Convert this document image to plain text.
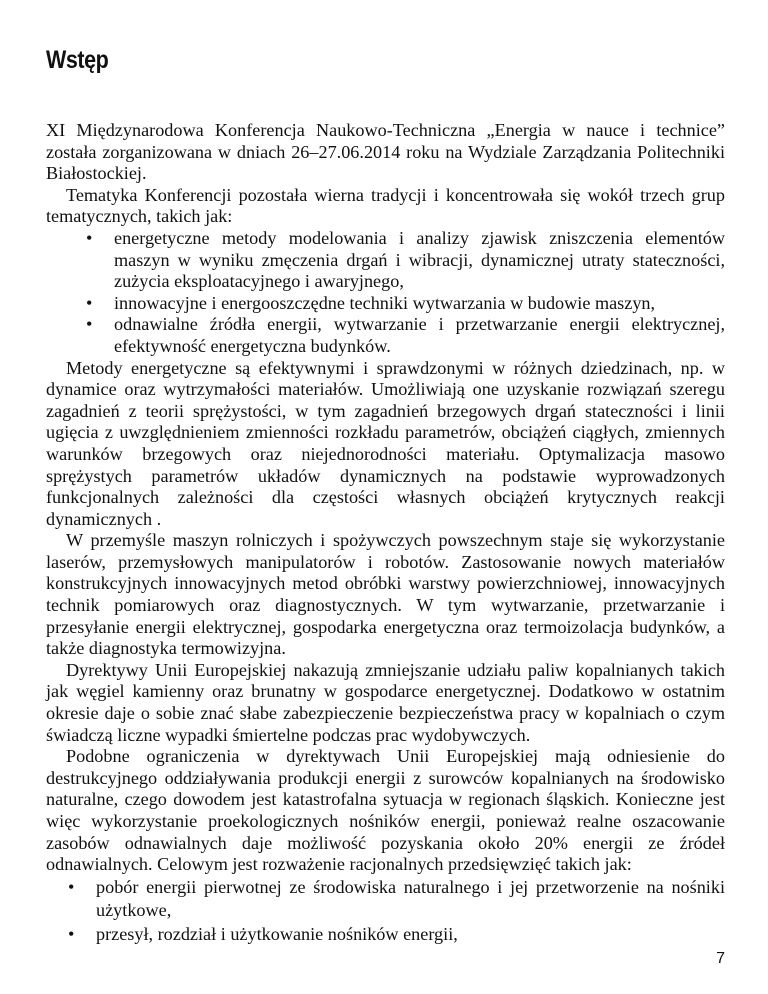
Wstęp

XI Międzynarodowa Konferencja Naukowo-Techniczna „Energia w nauce i technice” została zorganizowana w dniach 26–27.06.2014 roku na Wydziale Zarządzania Politechniki Białostockiej.

Tematyka Konferencji pozostała wierna tradycji i koncentrowała się wokół trzech grup tematycznych, takich jak:

• energetyczne metody modelowania i analizy zjawisk zniszczenia elementów maszyn w wyniku zmęczenia drgań i wibracji, dynamicznej utraty stateczności, zużycia eksploatacyjnego i awaryjnego,
• innowacyjne i energooszczędne techniki wytwarzania w budowie maszyn,
• odnawialne źródła energii, wytwarzanie i przetwarzanie energii elektrycznej, efektywność energetyczna budynków.

Metody energetyczne są efektywnymi i sprawdzonymi w różnych dziedzinach, np. w dynamice oraz wytrzymałości materiałów. Umożliwiają one uzyskanie rozwiązań szeregu zagadnień z teorii sprężystości, w tym zagadnień brzegowych drgań stateczności i linii ugięcia z uwzględnieniem zmienności rozkładu parametrów, obciążeń ciągłych, zmiennych warunków brzegowych oraz niejednorodności materiału. Optymalizacja masowo sprężystych parametrów układów dynamicznych na podstawie wyprowadzonych funkcjonalnych zależności dla częstości własnych obciążeń krytycznych reakcji dynamicznych .

W przemyśle maszyn rolniczych i spożywczych powszechnym staje się wykorzystanie laserów, przemysłowych manipulatorów i robotów. Zastosowanie nowych materiałów konstrukcyjnych innowacyjnych metod obróbki warstwy powierzchniowej, innowacyjnych technik pomiarowych oraz diagnostycznych. W tym wytwarzanie, przetwarzanie i przesyłanie energii elektrycznej, gospodarka energetyczna oraz termoizolacja budynków, a także diagnostyka termowizyjna.

Dyrektywy Unii Europejskiej nakazują zmniejszanie udziału paliw kopalnianych takich jak węgiel kamienny oraz brunatny w gospodarce energetycznej. Dodatkowo w ostatnim okresie daje o sobie znać słabe zabezpieczenie bezpieczeństwa pracy w kopalniach o czym świadczą liczne wypadki śmiertelne podczas prac wydobywczych.

Podobne ograniczenia w dyrektywach Unii Europejskiej mają odniesienie do destrukcyjnego oddziaływania produkcji energii z surowców kopalnianych na środowisko naturalne, czego dowodem jest katastrofalna sytuacja w regionach śląskich. Konieczne jest więc wykorzystanie proekologicznych nośników energii, ponieważ realne oszacowanie zasobów odnawialnych daje możliwość pozyskania około 20% energii ze źródeł odnawialnych. Celowym jest rozważenie racjonalnych przedsięwzięć takich jak:

• pobór energii pierwotnej ze środowiska naturalnego i jej przetworzenie na nośniki użytkowe,
• przesył, rozdział i użytkowanie nośników energii,
7
